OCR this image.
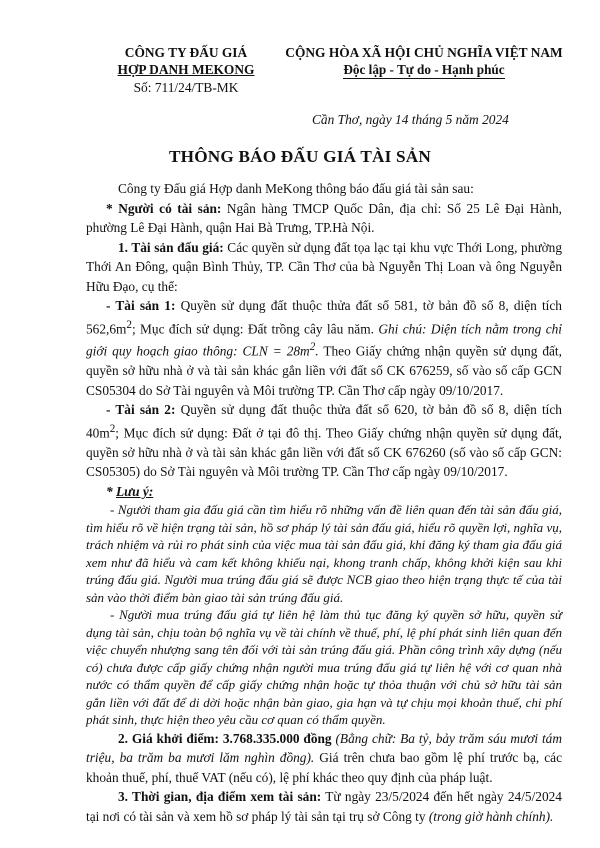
CÔNG TY ĐẤU GIÁ
HỢP DANH MEKONG
Số: 711/24/TB-MK
CỘNG HÒA XÃ HỘI CHỦ NGHĨA VIỆT NAM
Độc lập - Tự do - Hạnh phúc
Cần Thơ, ngày 14 tháng 5 năm 2024
THÔNG BÁO ĐẤU GIÁ TÀI SẢN

Công ty Đấu giá Hợp danh MeKong thông báo đấu giá tài sản sau:

* Người có tài sản: Ngân hàng TMCP Quốc Dân, địa chỉ: Số 25 Lê Đại Hành, phường Lê Đại Hành, quận Hai Bà Trưng, TP.Hà Nội.

1. Tài sản đấu giá: Các quyền sử dụng đất tọa lạc tại khu vực Thới Long, phường Thới An Đông, quận Bình Thủy, TP. Cần Thơ của bà Nguyễn Thị Loan và ông Nguyễn Hữu Đạo, cụ thể:

- Tài sản 1: Quyền sử dụng đất thuộc thửa đất số 581, tờ bản đồ số 8, diện tích $562,6m^2$; Mục đích sử dụng: Đất trồng cây lâu năm. Ghi chú: Diện tích nằm trong chỉ giới quy hoạch giao thông: CLN = $28m^2$. Theo Giấy chứng nhận quyền sử dụng đất, quyền sở hữu nhà ở và tài sản khác gắn liền với đất số CK 676259, số vào số cấp GCN CS05304 do Sở Tài nguyên và Môi trường TP. Cần Thơ cấp ngày 09/10/2017.

- Tài sản 2: Quyền sử dụng đất thuộc thửa đất số 620, tờ bản đồ số 8, diện tích $40m^2$; Mục đích sử dụng: Đất ở tại đô thị. Theo Giấy chứng nhận quyền sử dụng đất, quyền sở hữu nhà ở và tài sản khác gắn liền với đất số CK 676260 (số vào số cấp GCN: CS05305) do Sở Tài nguyên và Môi trường TP. Cần Thơ cấp ngày 09/10/2017.

* Lưu ý:

- Người tham gia đấu giá cần tìm hiểu rõ những vấn đề liên quan đến tài sản đấu giá, tìm hiểu rõ về hiện trạng tài sản, hồ sơ pháp lý tài sản đấu giá, hiểu rõ quyền lợi, nghĩa vụ, trách nhiệm và rủi ro phát sinh của việc mua tài sản đấu giá, khi đăng ký tham gia đấu giá xem như đã hiểu và cam kết không khiếu nại, khong tranh chấp, không khởi kiện sau khi trúng đấu giá. Người mua trúng đấu giá sẽ được NCB giao theo hiện trạng thực tế của tài sản vào thời điểm bàn giao tài sản trúng đấu giá.

- Người mua trúng đấu giá tự liên hệ làm thủ tục đăng ký quyền sở hữu, quyền sử dụng tài sản, chịu toàn bộ nghĩa vụ về tài chính về thuế, phí, lệ phí phát sinh liên quan đến việc chuyển nhượng sang tên đối với tài sản trúng đấu giá. Phần công trình xây dựng (nếu có) chưa được cấp giấy chứng nhận người mua trúng đấu giá tự liên hệ với cơ quan nhà nước có thẩm quyền để cấp giấy chứng nhận hoặc tự thỏa thuận với chủ sở hữu tài sản gắn liền với đất để di dời hoặc nhận bàn giao, gia hạn và tự chịu mọi khoản thuế, chi phí phát sinh, thực hiện theo yêu cầu cơ quan có thẩm quyền.

2. Giá khởi điểm: 3.768.335.000 đồng (Bằng chữ: Ba tỷ, bảy trăm sáu mươi tám triệu, ba trăm ba mươi lăm nghìn đồng). Giá trên chưa bao gồm lệ phí trước bạ, các khoản thuế, phí, thuế VAT (nếu có), lệ phí khác theo quy định của pháp luật.

3. Thời gian, địa điểm xem tài sản: Từ ngày 23/5/2024 đến hết ngày 24/5/2024 tại nơi có tài sản và xem hồ sơ pháp lý tài sản tại trụ sở Công ty (trong giờ hành chính).
